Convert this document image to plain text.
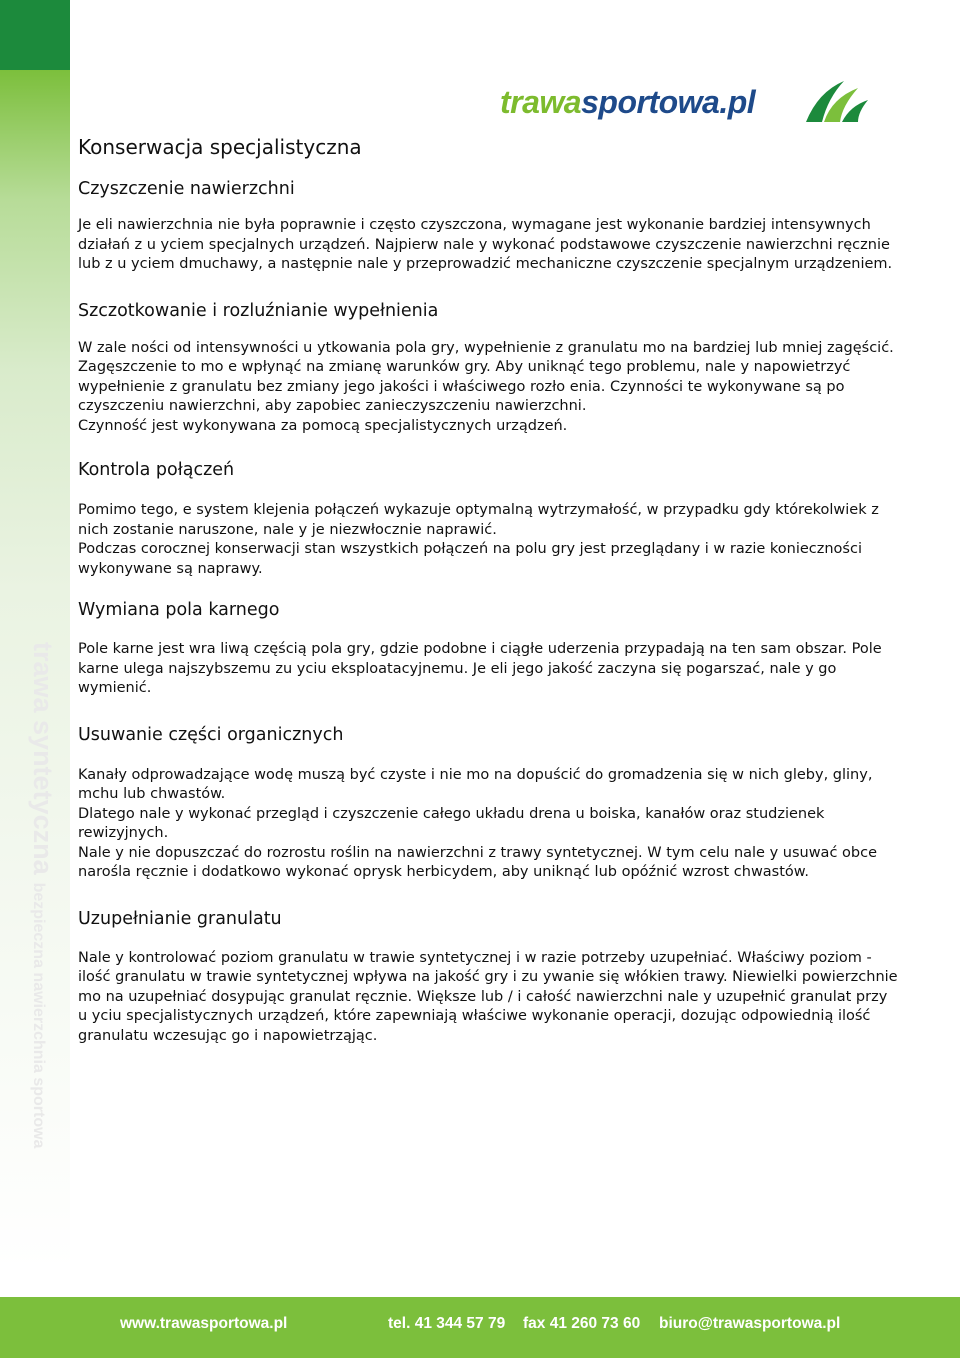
trawa syntetycznabezpieczna nawierzchnia sportowa
trawasportowa.pl
Konserwacja specjalistyczna
Czyszczenie nawierzchni

Je eli nawierzchnia nie była poprawnie i często czyszczona, wymagane jest wykonanie bardziej intensywnych działań z u yciem specjalnych urządzeń. Najpierw nale y wykonać podstawowe czyszczenie nawierzchni ręcznie lub z u yciem dmuchawy, a następnie nale y przeprowadzić mechaniczne czyszczenie specjalnym urządzeniem.

Szczotkowanie i rozluźnianie wypełnienia

W zale ności od intensywności u ytkowania pola gry, wypełnienie z granulatu mo na bardziej lub mniej zagęścić. Zagęszczenie to mo e wpłynąć na zmianę warunków gry. Aby uniknąć tego problemu, nale y napowietrzyć wypełnienie z granulatu bez zmiany jego jakości i właściwego rozło enia. Czynności te wykonywane są po czyszczeniu nawierzchni, aby zapobiec zanieczyszczeniu nawierzchni.

Czynność jest wykonywana za pomocą specjalistycznych urządzeń.

Kontrola połączeń

Pomimo tego, e system klejenia połączeń wykazuje optymalną wytrzymałość, w przypadku gdy którekolwiek z nich zostanie naruszone, nale y je niezwłocznie naprawić.

Podczas corocznej konserwacji stan wszystkich połączeń na polu gry jest przeglądany i w razie konieczności wykonywane są naprawy.

Wymiana pola karnego

Pole karne jest wra liwą częścią pola gry, gdzie podobne i ciągłe uderzenia przypadają na ten sam obszar. Pole karne ulega najszybszemu zu yciu eksploatacyjnemu. Je eli jego jakość zaczyna się pogarszać, nale y go wymienić.

Usuwanie części organicznych

Kanały odprowadzające wodę muszą być czyste i nie mo na dopuścić do gromadzenia się w nich gleby, gliny, mchu lub chwastów.

Dlatego nale y wykonać przegląd i czyszczenie całego układu drena u boiska, kanałów oraz studzienek rewizyjnych.

Nale y nie dopuszczać do rozrostu roślin na nawierzchni z trawy syntetycznej. W tym celu nale y usuwać obce narośla ręcznie i dodatkowo wykonać oprysk herbicydem, aby uniknąć lub opóźnić wzrost chwastów.

Uzupełnianie granulatu

Nale y kontrolować poziom granulatu w trawie syntetycznej i w razie potrzeby uzupełniać. Właściwy poziom - ilość granulatu w trawie syntetycznej wpływa na jakość gry i zu ywanie się włókien trawy. Niewielki powierzchnie mo na uzupełniać dosypując granulat ręcznie. Większe lub / i całość nawierzchni nale y uzupełnić granulat przy u yciu specjalistycznych urządzeń, które zapewniają właściwe wykonanie operacji, dozując odpowiednią ilość granulatu wczesując go i napowietrząjąc.

www.trawasportowa.pl	tel. 41 344 57 79 fax 41 260 73 60 biuro@trawasportowa.pl
